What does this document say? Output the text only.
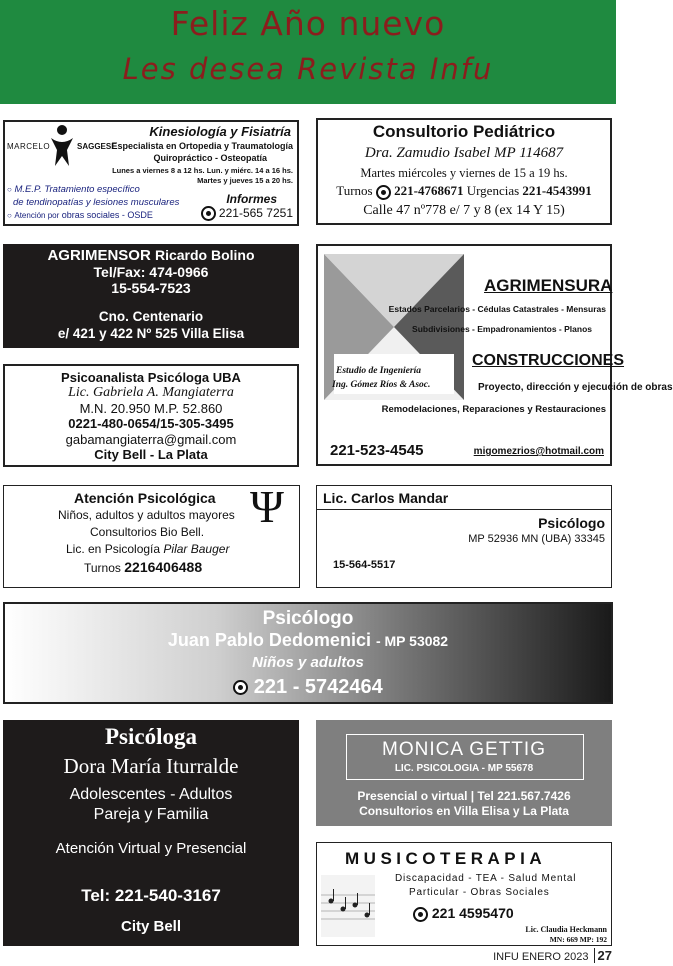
Feliz Año nuevo
Les desea Revista Infu
MARCELO	SAGGESE
Kinesiología y Fisiatría
Especialista en Ortopedia y Traumatología
Quiropráctico - Osteopatía
Lunes a viernes 8 a 12 hs. Lun. y miérc. 14 a 16 hs.
Martes y jueves 15 a 20 hs.
○ M.E.P. Tratamiento específico
de tendinopatías y lesiones musculares
○ Atención por obras sociales - OSDE
Informes
221-565 7251
Consultorio Pediátrico
Dra. Zamudio Isabel MP 114687
Martes miércoles y viernes de 15 a 19 hs.
Turnos 221-4768671 Urgencias 221-4543991
Calle 47 nº778 e/ 7 y 8 (ex 14 Y 15)
AGRIMENSOR Ricardo Bolino
Tel/Fax: 474-0966
15-554-7523
Cno. Centenario
e/ 421 y 422 Nº 525 Villa Elisa
Estudio de Ingeniería
Ing. Gómez Ríos & Asoc.
AGRIMENSURA
Estados Parcelarios - Cédulas Catastrales - Mensuras
Subdivisiones - Empadronamientos - Planos
CONSTRUCCIONES
Proyecto, dirección y ejecución de obras
Remodelaciones, Reparaciones y Restauraciones
221-523-4545	migomezrios@hotmail.com
Psicoanalista Psicóloga UBA
Lic. Gabriela A. Mangiaterra
M.N. 20.950 M.P. 52.860
0221-480-0654/15-305-3495
gabamangiaterra@gmail.com
City Bell - La Plata
Atención Psicológica
Niños, adultos y adultos mayores
Consultorios Bio Bell.
Lic. en Psicología Pilar Bauger
Turnos 2216406488
Ψ	Lic. Carlos Mandar
Psicólogo
MP 52936 MN (UBA) 33345
15-564-5517
Psicólogo
Juan Pablo Dedomenici - MP 53082
Niños y adultos
221 - 5742464
Psicóloga
Dora María Iturralde
Adolescentes - Adultos
Pareja y Familia
Atención Virtual y Presencial
Tel: 221-540-3167
City Bell
MONICA GETTIG
LIC. PSICOLOGIA - MP 55678
Presencial o virtual | Tel 221.567.7426
Consultorios en Villa Elisa y La Plata
MUSICOTERAPIA
Discapacidad - TEA - Salud Mental
Particular - Obras Sociales
221 4595470
Lic. Claudia Heckmann
MN: 669 MP: 192
INFU ENERO 2023 27
